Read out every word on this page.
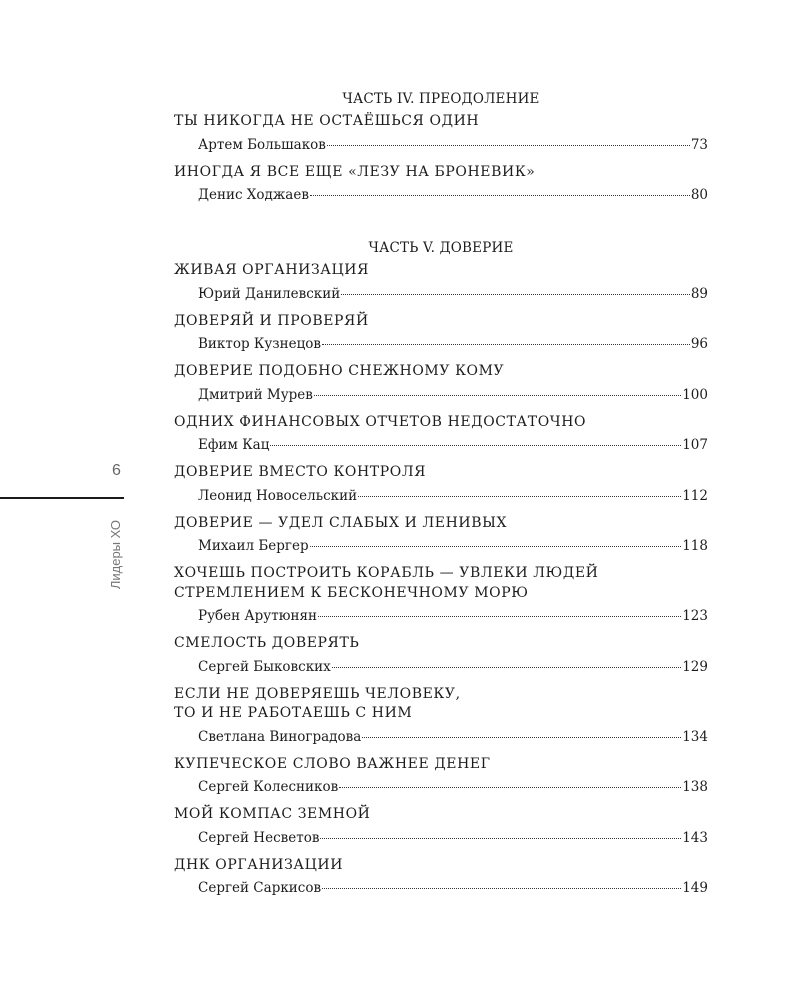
6
Лидеры ХО
ЧАСТЬ IV. ПРЕОДОЛЕНИЕ
ТЫ НИКОГДА НЕ ОСТАЁШЬСЯ ОДИН
Артем Большаков	73
ИНОГДА Я ВСЕ ЕЩЕ «ЛЕЗУ НА БРОНЕВИК»
Денис Ходжаев	80
ЧАСТЬ V. ДОВЕРИЕ
ЖИВАЯ ОРГАНИЗАЦИЯ
Юрий Данилевский	89
ДОВЕРЯЙ И ПРОВЕРЯЙ
Виктор Кузнецов	96
ДОВЕРИЕ ПОДОБНО СНЕЖНОМУ КОМУ
Дмитрий Мурев	100
ОДНИХ ФИНАНСОВЫХ ОТЧЕТОВ НЕДОСТАТОЧНО
Ефим Кац	107
ДОВЕРИЕ ВМЕСТО КОНТРОЛЯ
Леонид Новосельский	112
ДОВЕРИЕ — УДЕЛ СЛАБЫХ И ЛЕНИВЫХ
Михаил Бергер	118
ХОЧЕШЬ ПОСТРОИТЬ КОРАБЛЬ — УВЛЕКИ ЛЮДЕЙ
СТРЕМЛЕНИЕМ К БЕСКОНЕЧНОМУ МОРЮ
Рубен Арутюнян	123
СМЕЛОСТЬ ДОВЕРЯТЬ
Сергей Быковских	129
ЕСЛИ НЕ ДОВЕРЯЕШЬ ЧЕЛОВЕКУ,
ТО И НЕ РАБОТАЕШЬ С НИМ
Светлана Виноградова	134
КУПЕЧЕСКОЕ СЛОВО ВАЖНЕЕ ДЕНЕГ
Сергей Колесников	138
МОЙ КОМПАС ЗЕМНОЙ
Сергей Несветов	143
ДНК ОРГАНИЗАЦИИ
Сергей Саркисов	149
